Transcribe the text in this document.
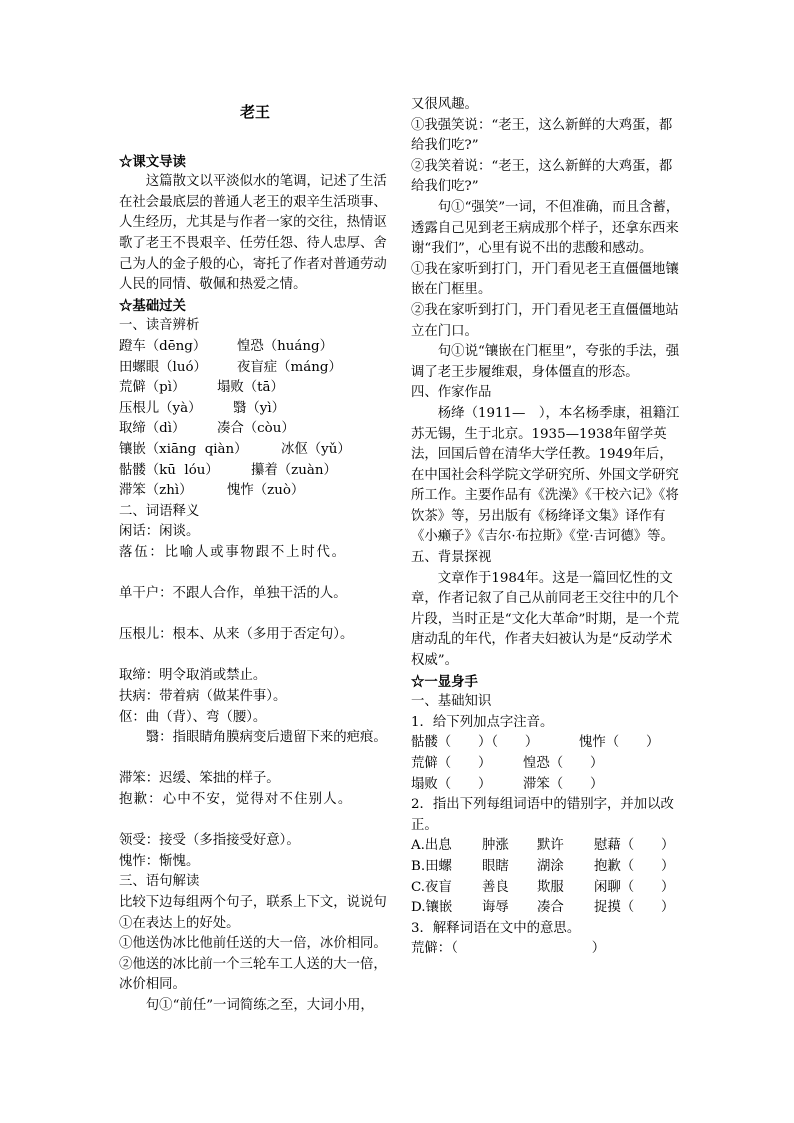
老王
☆课文导读
这篇散文以平淡似水的笔调，记述了生活在社会最底层的普通人老王的艰辛生活琐事、人生经历，尤其是与作者一家的交往，热情讴歌了老王不畏艰辛、任劳任怨、待人忠厚、舍己为人的金子般的心，寄托了作者对普通劳动人民的同情、敬佩和热爱之情。
☆基础过关
一、读音辨析
蹬车（dēng）	惶恐（huáng）
田螺眼（luó）	夜盲症（máng）
荒僻（pì）	塌败（tā）
压根儿（yà）	翳（yì）
取缔（dì）	凑合（còu）
镶嵌（xiāng  qiàn）	冰伛（yǔ）
骷髅（kū  lóu）	攥着（zuàn）
滞笨（zhì）	愧怍（zuò）
二、词语释义
闲话：闲谈。
落伍：比喻人或事物跟不上时代。
单干户：不跟人合作，单独干活的人。
压根儿：根本、从来（多用于否定句）。
取缔：明令取消或禁止。
扶病：带着病（做某件事）。
伛：曲（背）、弯（腰）。
翳：指眼睛角膜病变后遗留下来的疤痕。
滞笨：迟缓、笨拙的样子。
抱歉：心中不安，觉得对不住别人。
领受：接受（多指接受好意）。
愧怍：惭愧。
三、语句解读
比较下边每组两个句子，联系上下文，说说句①在表达上的好处。
①他送伪冰比他前任送的大一倍，冰价相同。
②他送的冰比前一个三轮车工人送的大一倍，冰价相同。
句①“前任”一词简练之至，大词小用，
又很风趣。
①我强笑说：“老王，这么新鲜的大鸡蛋，都给我们吃?”
②我笑着说：“老王，这么新鲜的大鸡蛋，都给我们吃?”
句①“强笑”一词，不但准确，而且含蓄，透露自己见到老王病成那个样子，还拿东西来谢“我们”，心里有说不出的悲酸和感动。
①我在家听到打门，开门看见老王直僵僵地镶嵌在门框里。
②我在家听到打门，开门看见老王直僵僵地站立在门口。
句①说“镶嵌在门框里”，夸张的手法，强调了老王步履维艰，身体僵直的形态。
四、作家作品
杨绛（1911—　），本名杨季康，祖籍江苏无锡，生于北京。1935—1938年留学英法，回国后曾在清华大学任教。1949年后，在中国社会科学院文学研究所、外国文学研究所工作。主要作品有《洗澡》《干校六记》《将饮茶》等，另出版有《杨绛译文集》译作有《小癞子》《吉尔·布拉斯》《堂·吉诃德》等。
五、背景探视
文章作于1984年。这是一篇回忆性的文章，作者记叙了自己从前同老王交往中的几个片段，当时正是“文化大革命”时期，是一个荒唐动乱的年代，作者夫妇被认为是“反动学术权威”。
☆一显身手
一、基础知识
1．给下列加点字注音。
骷髅（　　）（　　）	愧怍（　　）
荒僻（　　）	惶恐（　　）
塌败（　　）	滞笨（　　）
2．指出下列每组词语中的错别字，并加以改正。
A.出息	肿涨	默许	慰藉（　　）
B.田螺	眼瞎	湖涂	抱歉（　　）
C.夜盲	善良	欺服	闲聊（　　）
D.镶嵌	诲辱	凑合	捉摸（　　）
3．解释词语在文中的意思。
荒僻：（　　　　　　　　　　）
